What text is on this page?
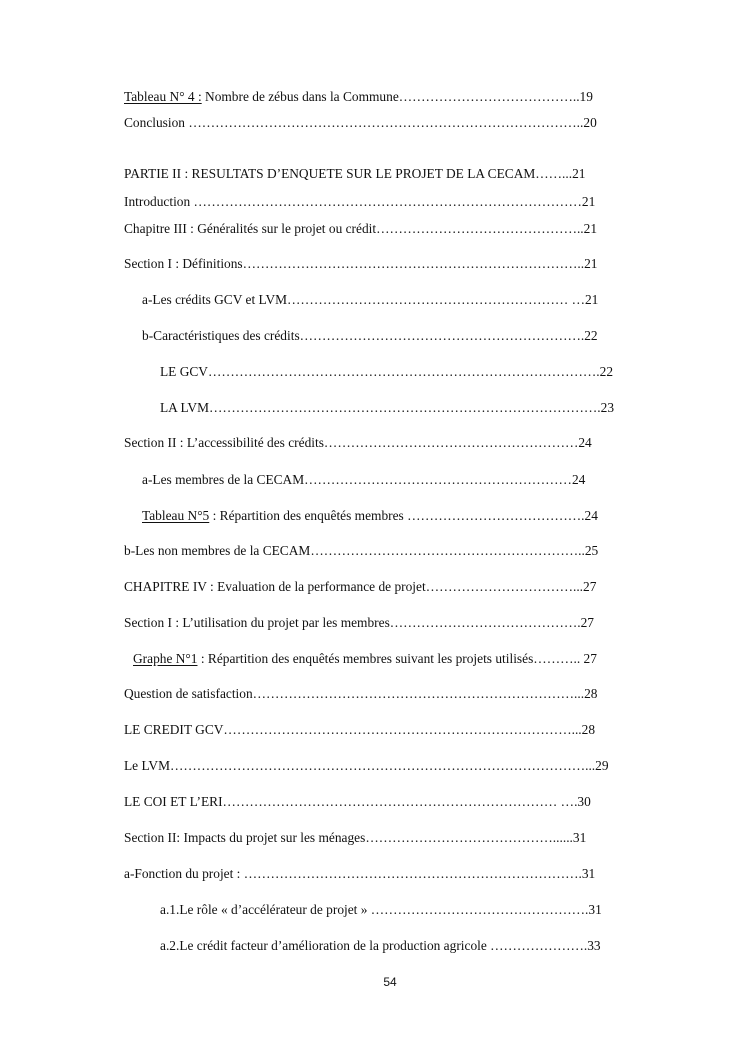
Tableau N° 4 : Nombre de zébus dans la Commune…………………………………..19
Conclusion ……………………………………………………………………………..20
PARTIE II : RESULTATS D’ENQUETE SUR LE PROJET DE LA CECAM……...21
Introduction ……………………………………………………………………………21
Chapitre III : Généralités sur le projet ou crédit………………………………………..21
Section I : Définitions…………………………………………………………………..21
a-Les crédits GCV et LVM……………………………………………………… …21
b-Caractéristiques des crédits……………………………………………………….22
LE GCV…………………………………………………………………………….22
LA LVM…………………………………………………………………………….23
Section II : L’accessibilité des crédits…………………………………………………24
a-Les membres de la CECAM……………………………………………………24
Tableau N°5 : Répartition des enquêtés membres ………………………………….24
b-Les non membres de la CECAM……………………………………………………..25
CHAPITRE IV : Evaluation de la performance de projet……………………………...27
Section I : L’utilisation du projet par les membres…………………………………….27
Graphe N°1 : Répartition des enquêtés membres suivant les projets utilisés……….. 27
Question de satisfaction………………………………………………………………...28
LE CREDIT GCV……………………………………………………………………...28
Le LVM…………………………………………………………………………………...29
LE COI ET L’ERI………………………………………………………………… ….30
Section II: Impacts du projet sur les ménages……………………………………......31
a-Fonction du projet : ………………………………………………………………….31
a.1.Le rôle « d’accélérateur de projet » ………………………………………….31
a.2.Le crédit facteur d’amélioration de la production agricole ………………….33
54
